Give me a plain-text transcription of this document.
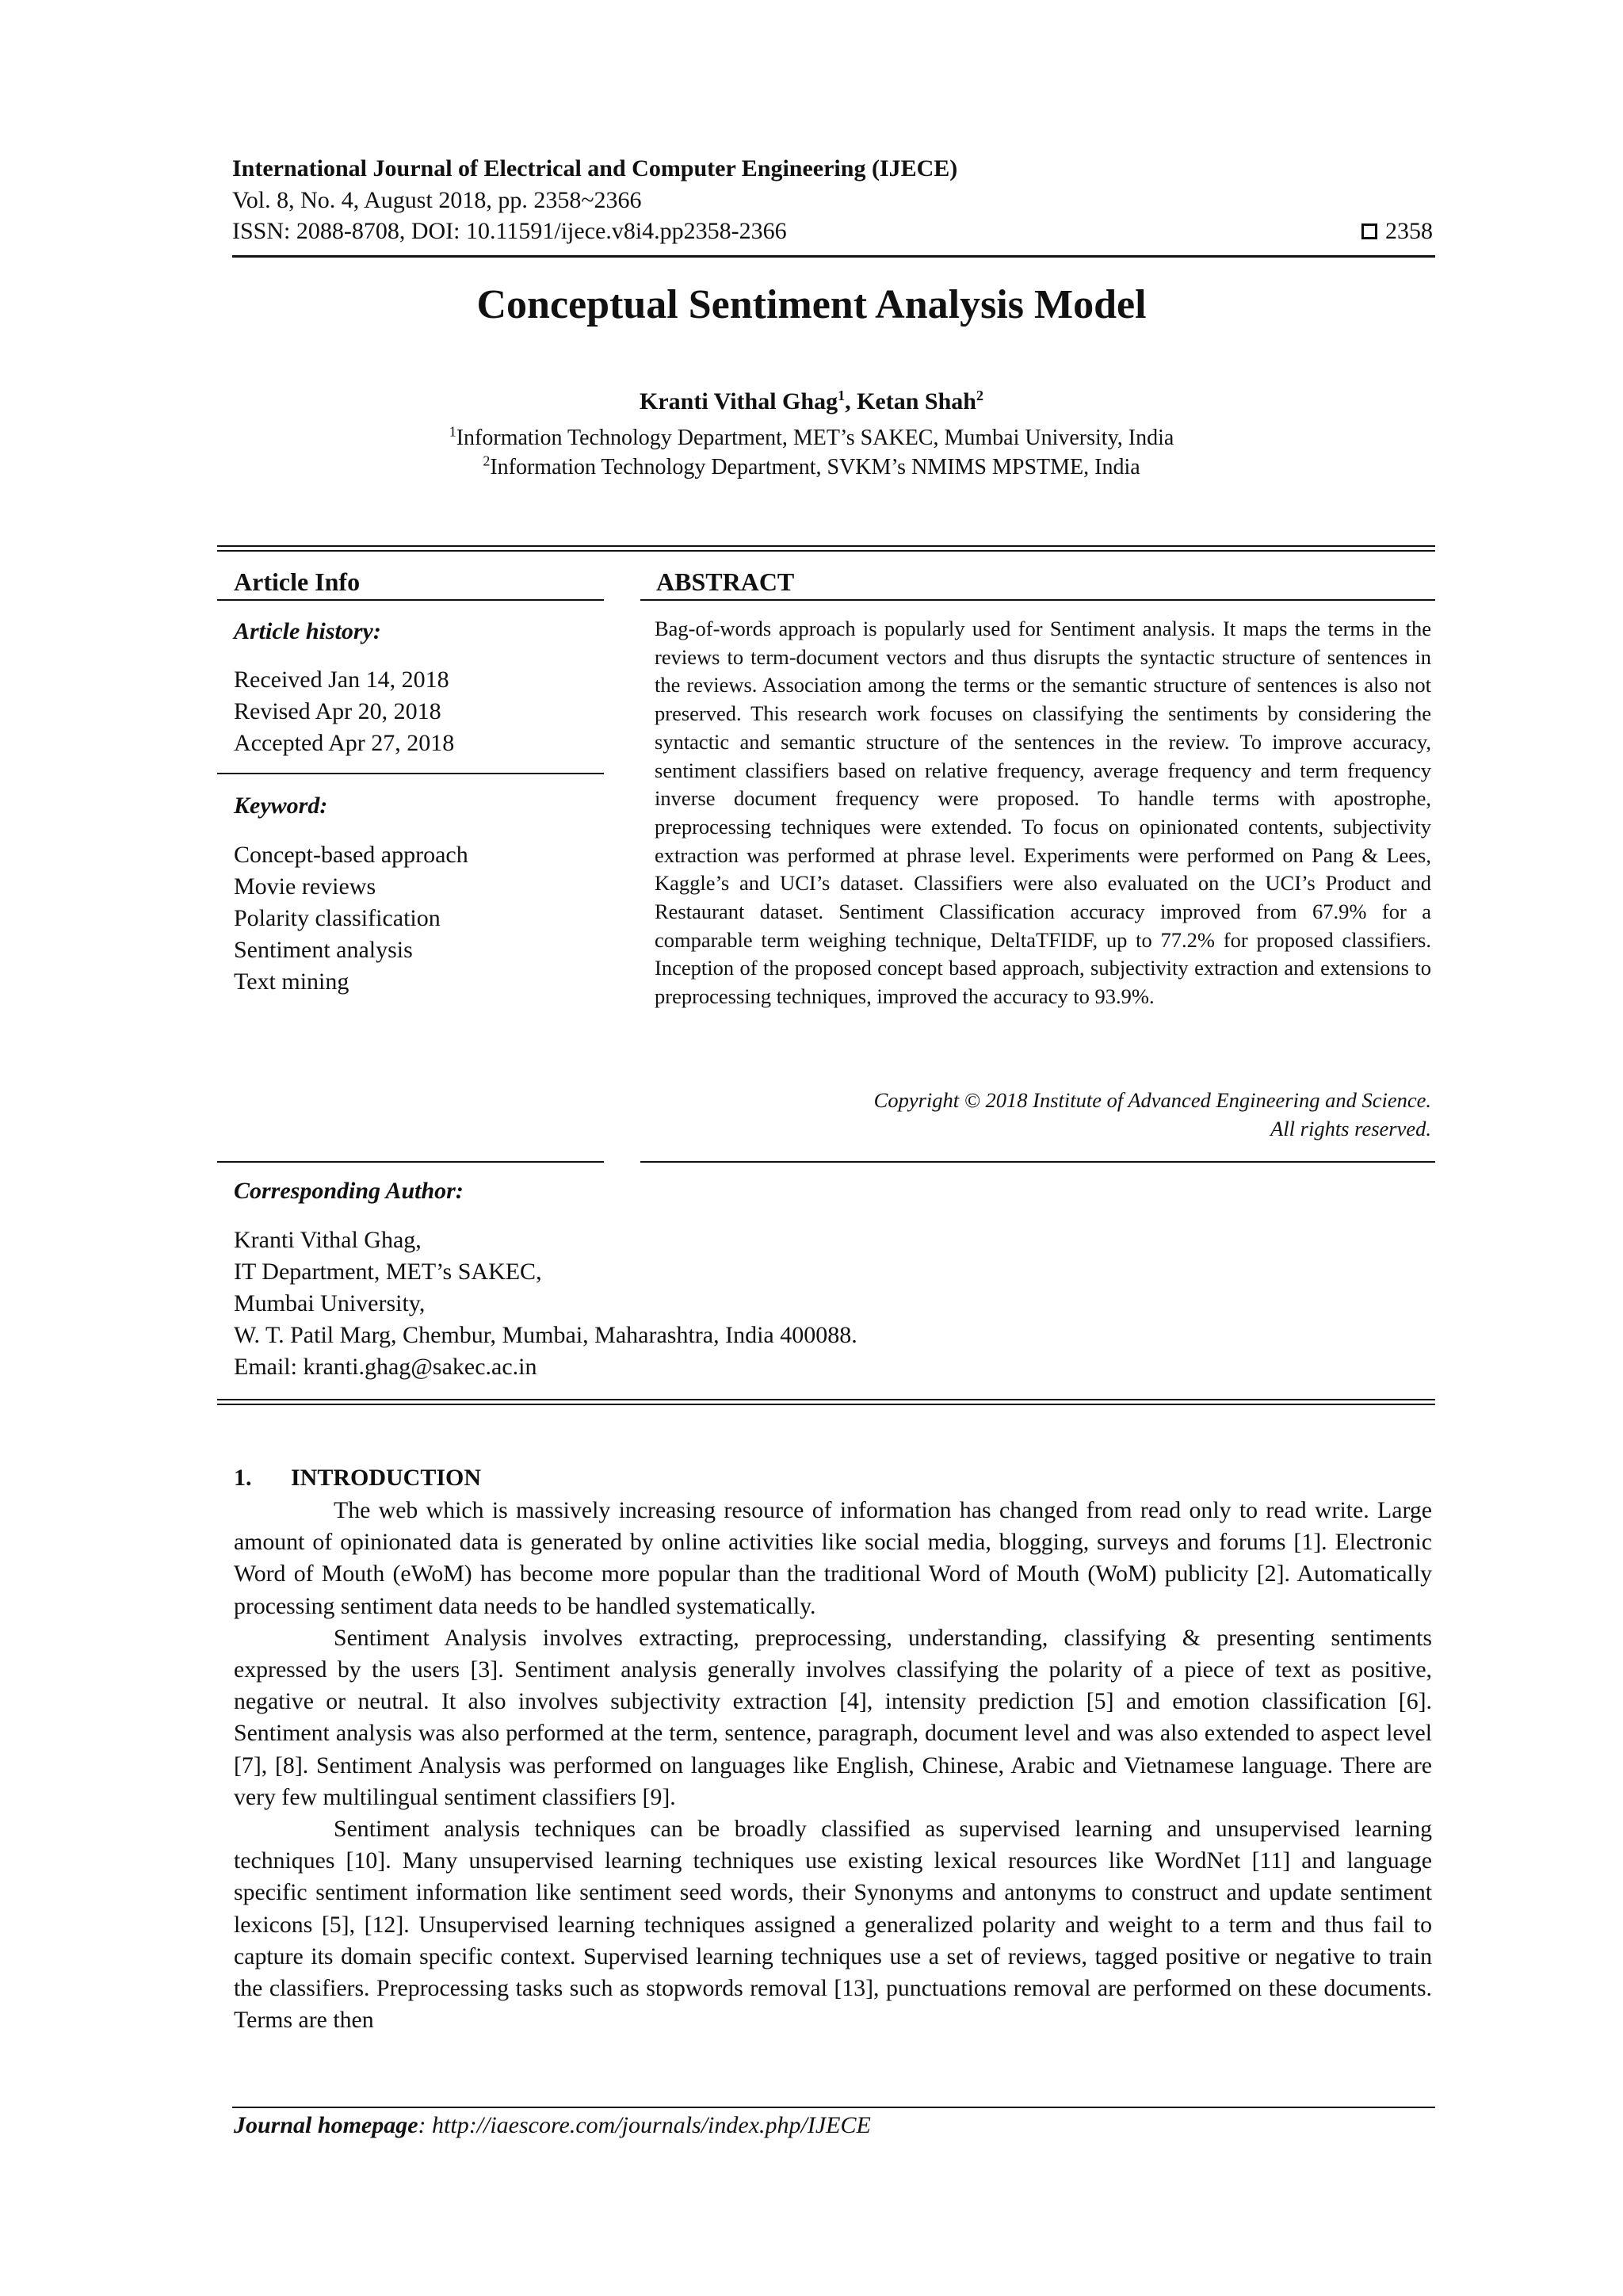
International Journal of Electrical and Computer Engineering (IJECE)
Vol. 8, No. 4, August 2018, pp. 2358~2366
ISSN: 2088-8708, DOI: 10.11591/ijece.v8i4.pp2358-2366	2358
Conceptual Sentiment Analysis Model
Kranti Vithal Ghag$^1$, Ketan Shah$^2$
$^1$Information Technology Department, MET’s SAKEC, Mumbai University, India
$^2$Information Technology Department, SVKM’s NMIMS MPSTME, India
Article Info
Article history:
Received Jan 14, 2018
Revised Apr 20, 2018
Accepted Apr 27, 2018
Keyword:
Concept-based approach
Movie reviews
Polarity classification
Sentiment analysis
Text mining
ABSTRACT
Bag-of-words approach is popularly used for Sentiment analysis. It maps the terms in the reviews to term-document vectors and thus disrupts the syntactic structure of sentences in the reviews. Association among the terms or the semantic structure of sentences is also not preserved. This research work focuses on classifying the sentiments by considering the syntactic and semantic structure of the sentences in the review. To improve accuracy, sentiment classifiers based on relative frequency, average frequency and term frequency inverse document frequency were proposed. To handle terms with apostrophe, preprocessing techniques were extended. To focus on opinionated contents, subjectivity extraction was performed at phrase level. Experiments were performed on Pang & Lees, Kaggle’s and UCI’s dataset. Classifiers were also evaluated on the UCI’s Product and Restaurant dataset. Sentiment Classification accuracy improved from 67.9% for a comparable term weighing technique, DeltaTFIDF, up to 77.2% for proposed classifiers. Inception of the proposed concept based approach, subjectivity extraction and extensions to preprocessing techniques, improved the accuracy to 93.9%.
Copyright © 2018 Institute of Advanced Engineering and Science.
All rights reserved.
Corresponding Author:
Kranti Vithal Ghag,
IT Department, MET’s SAKEC,
Mumbai University,
W. T. Patil Marg, Chembur, Mumbai, Maharashtra, India 400088.
Email: kranti.ghag@sakec.ac.in
1. INTRODUCTION

The web which is massively increasing resource of information has changed from read only to read write. Large amount of opinionated data is generated by online activities like social media, blogging, surveys and forums [1]. Electronic Word of Mouth (eWoM) has become more popular than the traditional Word of Mouth (WoM) publicity [2]. Automatically processing sentiment data needs to be handled systematically.

Sentiment Analysis involves extracting, preprocessing, understanding, classifying & presenting sentiments expressed by the users [3]. Sentiment analysis generally involves classifying the polarity of a piece of text as positive, negative or neutral. It also involves subjectivity extraction [4], intensity prediction [5] and emotion classification [6]. Sentiment analysis was also performed at the term, sentence, paragraph, document level and was also extended to aspect level [7], [8]. Sentiment Analysis was performed on languages like English, Chinese, Arabic and Vietnamese language. There are very few multilingual sentiment classifiers [9].

Sentiment analysis techniques can be broadly classified as supervised learning and unsupervised learning techniques [10]. Many unsupervised learning techniques use existing lexical resources like WordNet [11] and language specific sentiment information like sentiment seed words, their Synonyms and antonyms to construct and update sentiment lexicons [5], [12]. Unsupervised learning techniques assigned a generalized polarity and weight to a term and thus fail to capture its domain specific context. Supervised learning techniques use a set of reviews, tagged positive or negative to train the classifiers. Preprocessing tasks such as stopwords removal [13], punctuations removal are performed on these documents. Terms are then

Journal homepage: http://iaescore.com/journals/index.php/IJECE
